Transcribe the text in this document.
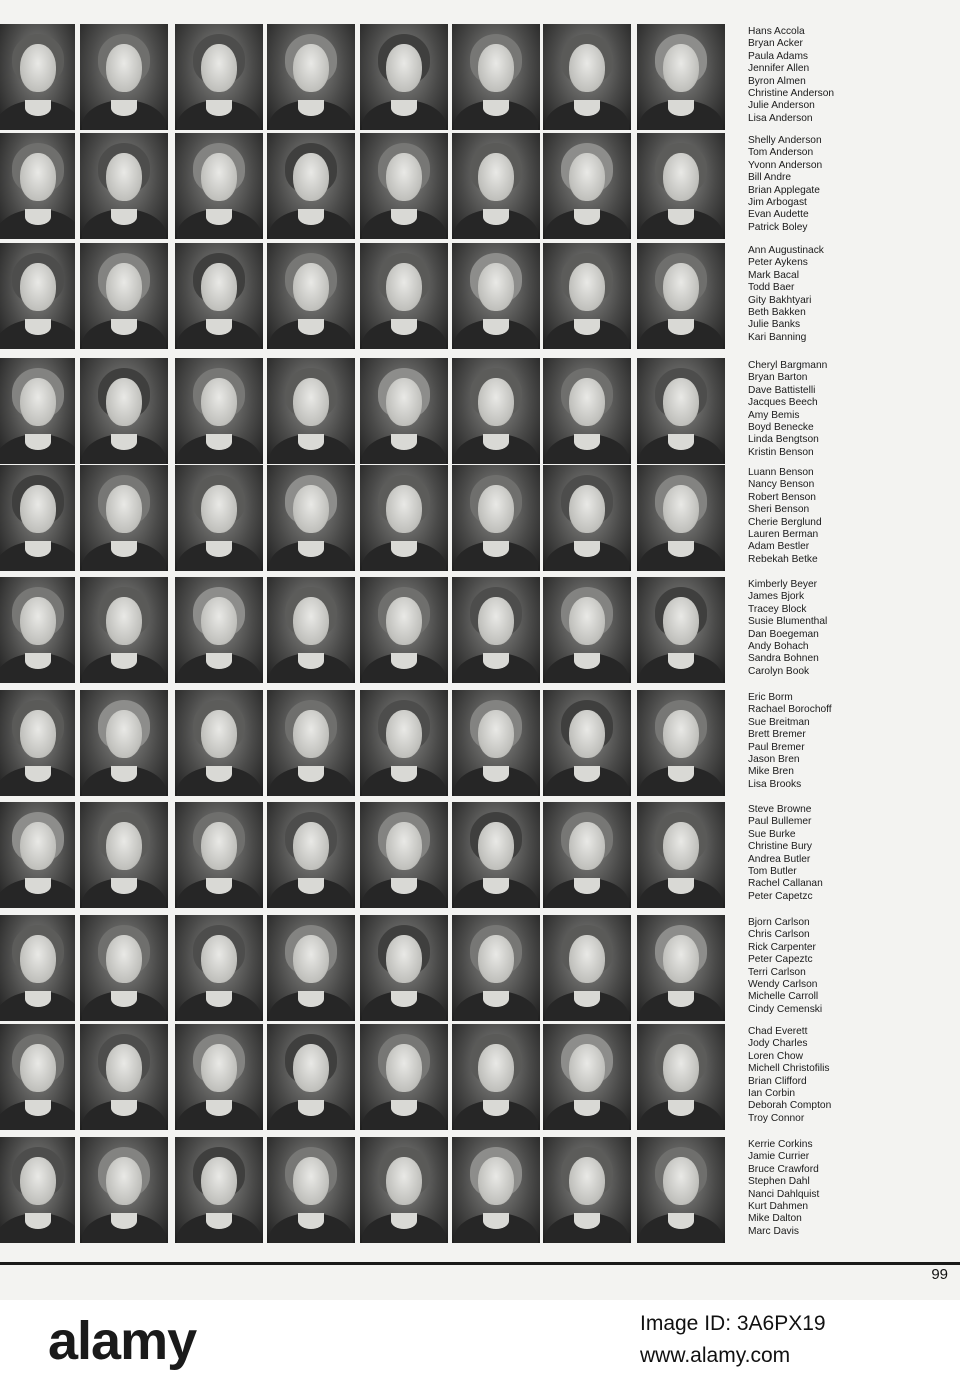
99
Hans Accola
Bryan Acker
Paula Adams
Jennifer Allen
Byron Almen
Christine Anderson
Julie Anderson
Lisa Anderson
Shelly Anderson
Tom Anderson
Yvonn Anderson
Bill Andre
Brian Applegate
Jim Arbogast
Evan Audette
Patrick Boley
Ann Augustinack
Peter Aykens
Mark Bacal
Todd Baer
Gity Bakhtyari
Beth Bakken
Julie Banks
Kari Banning
Cheryl Bargmann
Bryan Barton
Dave Battistelli
Jacques Beech
Amy Bemis
Boyd Benecke
Linda Bengtson
Kristin Benson
Luann Benson
Nancy Benson
Robert Benson
Sheri Benson
Cherie Berglund
Lauren Berman
Adam Bestler
Rebekah Betke
Kimberly Beyer
James Bjork
Tracey Block
Susie Blumenthal
Dan Boegeman
Andy Bohach
Sandra Bohnen
Carolyn Book
Eric Borm
Rachael Borochoff
Sue Breitman
Brett Bremer
Paul Bremer
Jason Bren
Mike Bren
Lisa Brooks
Steve Browne
Paul Bullemer
Sue Burke
Christine Bury
Andrea Butler
Tom Butler
Rachel Callanan
Peter Capetzc
Bjorn Carlson
Chris Carlson
Rick Carpenter
Peter Capeztc
Terri Carlson
Wendy Carlson
Michelle Carroll
Cindy Cemenski
Chad Everett
Jody Charles
Loren Chow
Michell Christofilis
Brian Clifford
Ian Corbin
Deborah Compton
Troy Connor
Kerrie Corkins
Jamie Currier
Bruce Crawford
Stephen Dahl
Nanci Dahlquist
Kurt Dahmen
Mike Dalton
Marc Davis
alamy	Image ID: 3A6PX19
www.alamy.com
